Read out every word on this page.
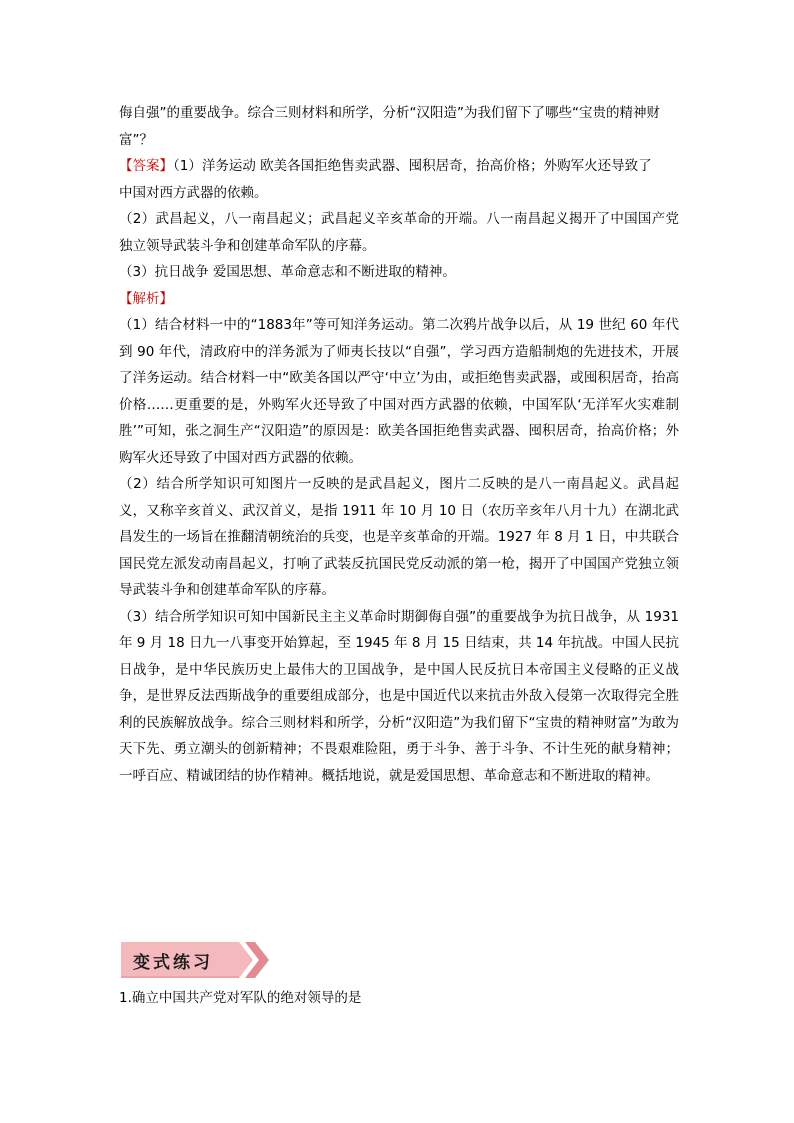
侮自强”的重要战争。综合三则材料和所学，分析“汉阳造”为我们留下了哪些“宝贵的精神财

富”？

【答案】（1）洋务运动 欧美各国拒绝售卖武器、囤积居奇，抬高价格；外购军火还导致了

中国对西方武器的依赖。

（2）武昌起义，八一南昌起义；武昌起义辛亥革命的开端。八一南昌起义揭开了中国国产党独立领导武装斗争和创建革命军队的序幕。

（3）抗日战争 爱国思想、革命意志和不断进取的精神。

【解析】

（1）结合材料一中的“1883年”等可知洋务运动。第二次鸦片战争以后，从 19 世纪 60 年代到 90 年代，清政府中的洋务派为了师夷长技以“自强”，学习西方造船制炮的先进技术，开展了洋务运动。结合材料一中“欧美各国以严守‘中立’为由，或拒绝售卖武器，或囤积居奇，抬高价格……更重要的是，外购军火还导致了中国对西方武器的依赖，中国军队‘无洋军火实难制胜’”可知，张之洞生产“汉阳造”的原因是：欧美各国拒绝售卖武器、囤积居奇，抬高价格；外购军火还导致了中国对西方武器的依赖。

（2）结合所学知识可知图片一反映的是武昌起义，图片二反映的是八一南昌起义。武昌起义，又称辛亥首义、武汉首义，是指 1911 年 10 月 10 日（农历辛亥年八月十九）在湖北武昌发生的一场旨在推翻清朝统治的兵变，也是辛亥革命的开端。1927 年 8 月 1 日，中共联合国民党左派发动南昌起义，打响了武装反抗国民党反动派的第一枪，揭开了中国国产党独立领导武装斗争和创建革命军队的序幕。

（3）结合所学知识可知中国新民主主义革命时期御侮自强”的重要战争为抗日战争，从 1931 年 9 月 18 日九一八事变开始算起，至 1945 年 8 月 15 日结束，共 14 年抗战。中国人民抗日战争，是中华民族历史上最伟大的卫国战争，是中国人民反抗日本帝国主义侵略的正义战争，是世界反法西斯战争的重要组成部分，也是中国近代以来抗击外敌入侵第一次取得完全胜利的民族解放战争。综合三则材料和所学，分析“汉阳造”为我们留下“宝贵的精神财富”为敢为天下先、勇立潮头的创新精神；不畏艰难险阻，勇于斗争、善于斗争、不计生死的献身精神；一呼百应、精诚团结的协作精神。概括地说，就是爱国思想、革命意志和不断进取的精神。

变式练习
1.确立中国共产党对军队的绝对领导的是
